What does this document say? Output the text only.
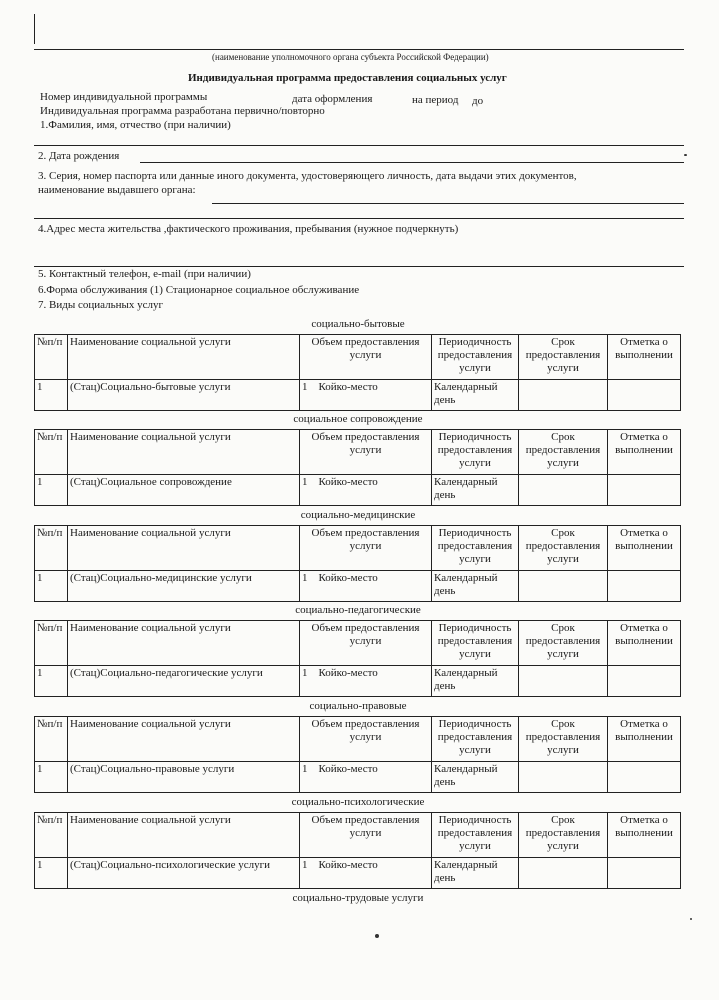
(наименование уполномочного органа субъекта Российской Федерации)
Индивидуальная программа предоставления социальных услуг
Номер индивидуальной программы	дата оформления	на период до
Индивидуальная программа разработана первично/повторно
1.Фамилия, имя, отчество (при наличии)
2. Дата рождения
3. Серия, номер паспорта или данные иного документа, удостоверяющего личность, дата выдачи этих документов,
наименование выдавшего органа:
4.Адрес места жительства ,фактического проживания, пребывания (нужное подчеркнуть)
5. Контактный телефон, e-mail (при наличии)
6.Форма обслуживания (1) Стационарное социальное обслуживание
7. Виды социальных услуг
социально-бытовые
№п/п	Наименование социальной услуги	Объем предоставления услуги	Периодичность предоставления услуги	Срок предоставления услуги	Отметка о выполнении
1	(Стац)Социально-бытовые услуги	1 Койко-место	Календарный день		
социальное сопровождение
№п/п	Наименование социальной услуги	Объем предоставления услуги	Периодичность предоставления услуги	Срок предоставления услуги	Отметка о выполнении
1	(Стац)Социальное сопровождение	1 Койко-место	Календарный день		
социально-медицинские
№п/п	Наименование социальной услуги	Объем предоставления услуги	Периодичность предоставления услуги	Срок предоставления услуги	Отметка о выполнении
1	(Стац)Социально-медицинские услуги	1 Койко-место	Календарный день		
социально-педагогические
№п/п	Наименование социальной услуги	Объем предоставления услуги	Периодичность предоставления услуги	Срок предоставления услуги	Отметка о выполнении
1	(Стац)Социально-педагогические услуги	1 Койко-место	Календарный день		
социально-правовые
№п/п	Наименование социальной услуги	Объем предоставления услуги	Периодичность предоставления услуги	Срок предоставления услуги	Отметка о выполнении
1	(Стац)Социально-правовые услуги	1 Койко-место	Календарный день		
социально-психологические
№п/п	Наименование социальной услуги	Объем предоставления услуги	Периодичность предоставления услуги	Срок предоставления услуги	Отметка о выполнении
1	(Стац)Социально-психологические услуги	1 Койко-место	Календарный день		
социально-трудовые услуги
